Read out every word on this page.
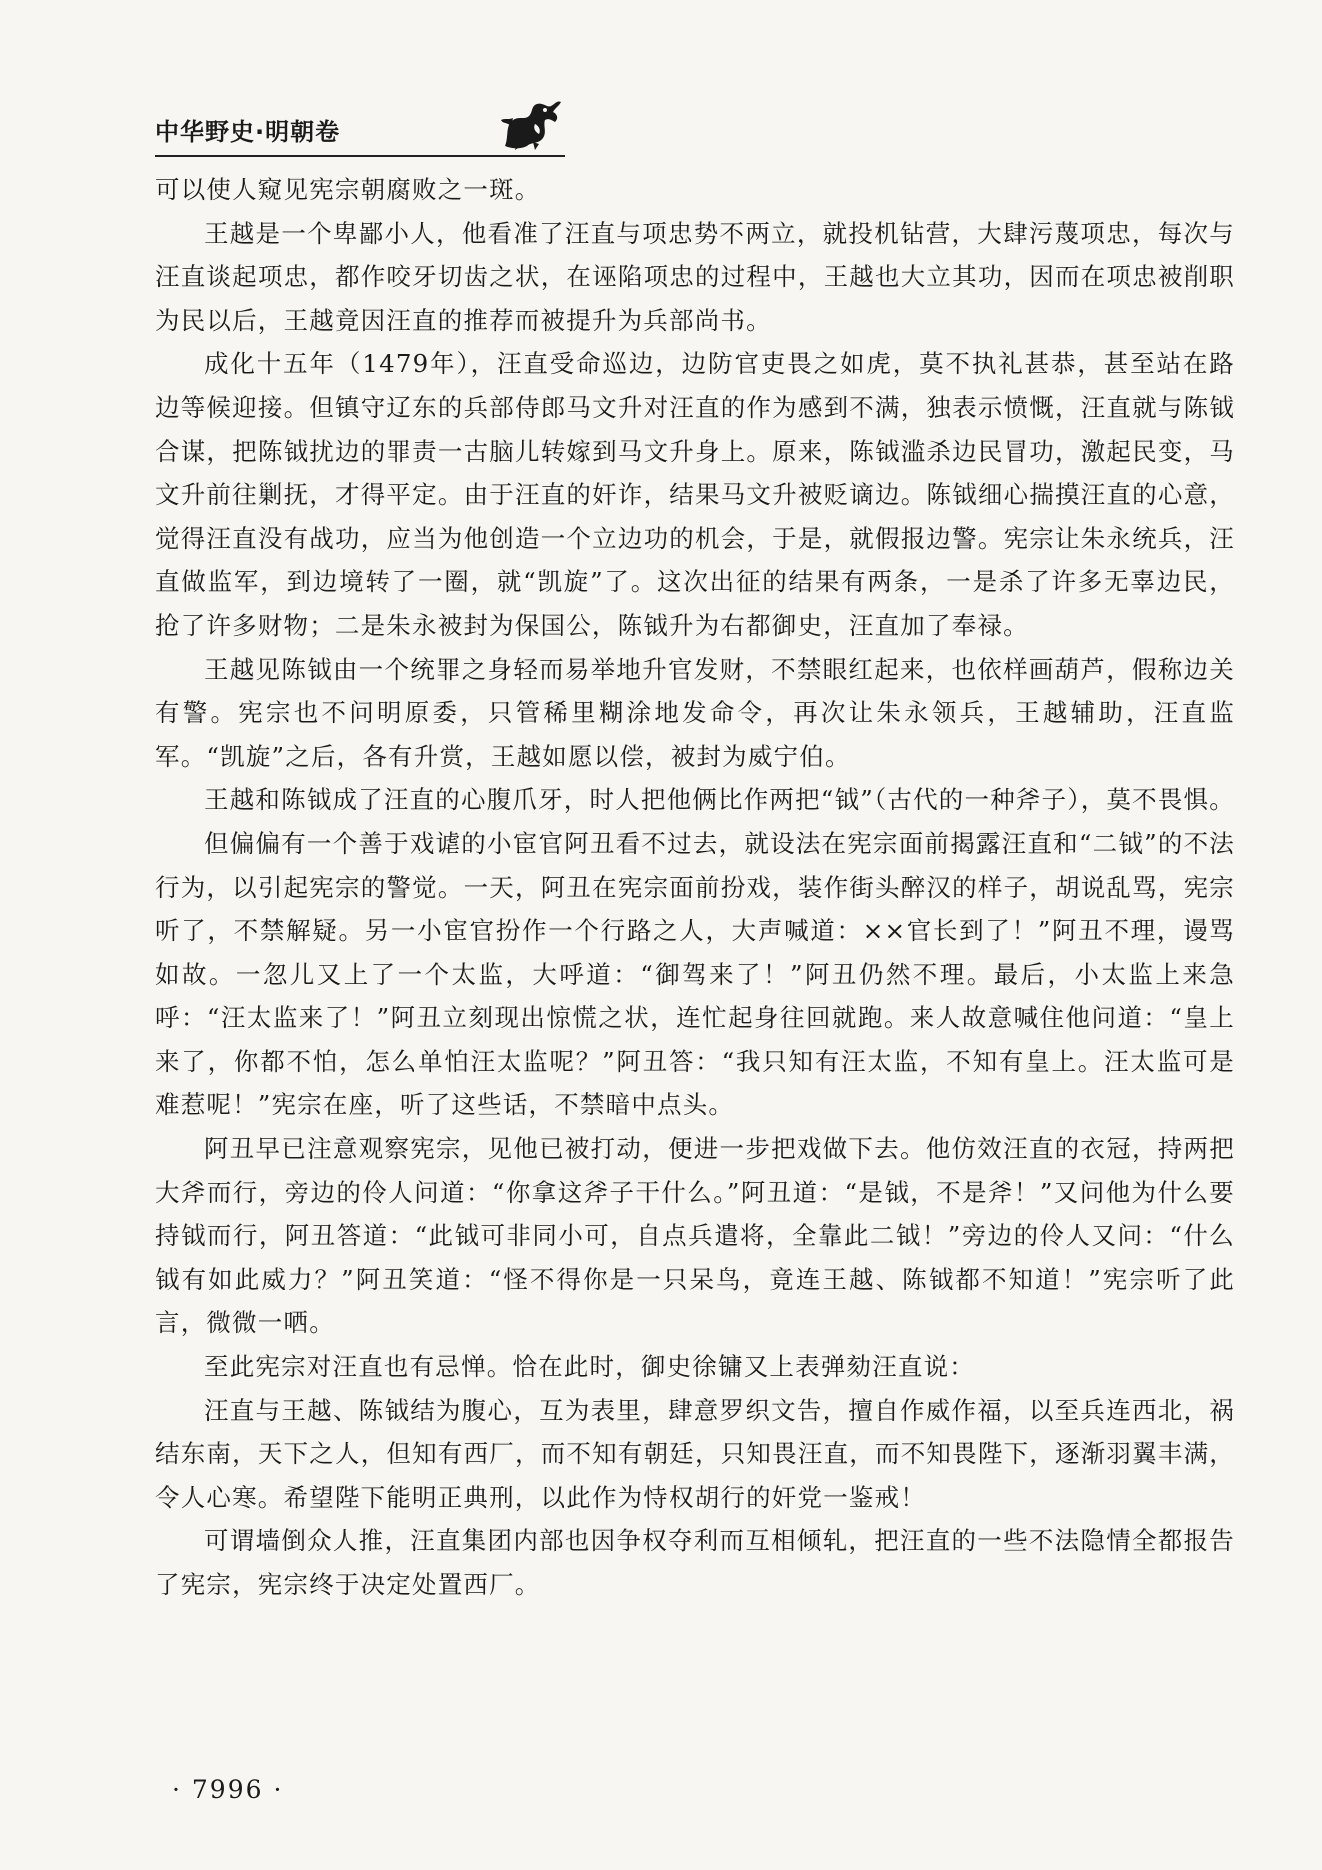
中华野史·明朝卷

可以使人窥见宪宗朝腐败之一斑。

王越是一个卑鄙小人，他看准了汪直与项忠势不两立，就投机钻营，大肆污蔑项忠，每次与汪直谈起项忠，都作咬牙切齿之状，在诬陷项忠的过程中，王越也大立其功，因而在项忠被削职为民以后，王越竟因汪直的推荐而被提升为兵部尚书。

成化十五年（1479年），汪直受命巡边，边防官吏畏之如虎，莫不执礼甚恭，甚至站在路边等候迎接。但镇守辽东的兵部侍郎马文升对汪直的作为感到不满，独表示愤慨，汪直就与陈钺合谋，把陈钺扰边的罪责一古脑儿转嫁到马文升身上。原来，陈钺滥杀边民冒功，激起民变，马文升前往剿抚，才得平定。由于汪直的奸诈，结果马文升被贬谪边。陈钺细心揣摸汪直的心意，觉得汪直没有战功，应当为他创造一个立边功的机会，于是，就假报边警。宪宗让朱永统兵，汪直做监军，到边境转了一圈，就“凯旋”了。这次出征的结果有两条，一是杀了许多无辜边民，抢了许多财物；二是朱永被封为保国公，陈钺升为右都御史，汪直加了奉禄。

王越见陈钺由一个统罪之身轻而易举地升官发财，不禁眼红起来，也依样画葫芦，假称边关有警。宪宗也不问明原委，只管稀里糊涂地发命令，再次让朱永领兵，王越辅助，汪直监军。“凯旋”之后，各有升赏，王越如愿以偿，被封为威宁伯。

王越和陈钺成了汪直的心腹爪牙，时人把他俩比作两把“钺”（古代的一种斧子），莫不畏惧。

但偏偏有一个善于戏谑的小宦官阿丑看不过去，就设法在宪宗面前揭露汪直和“二钺”的不法行为，以引起宪宗的警觉。一天，阿丑在宪宗面前扮戏，装作街头醉汉的样子，胡说乱骂，宪宗听了，不禁解疑。另一小宦官扮作一个行路之人，大声喊道：××官长到了！”阿丑不理，谩骂如故。一忽儿又上了一个太监，大呼道：“御驾来了！”阿丑仍然不理。最后，小太监上来急呼：“汪太监来了！”阿丑立刻现出惊慌之状，连忙起身往回就跑。来人故意喊住他问道：“皇上来了，你都不怕，怎么单怕汪太监呢？”阿丑答：“我只知有汪太监，不知有皇上。汪太监可是难惹呢！”宪宗在座，听了这些话，不禁暗中点头。

阿丑早已注意观察宪宗，见他已被打动，便进一步把戏做下去。他仿效汪直的衣冠，持两把大斧而行，旁边的伶人问道：“你拿这斧子干什么。”阿丑道：“是钺，不是斧！”又问他为什么要持钺而行，阿丑答道：“此钺可非同小可，自点兵遣将，全靠此二钺！”旁边的伶人又问：“什么钺有如此威力？”阿丑笑道：“怪不得你是一只呆鸟，竟连王越、陈钺都不知道！”宪宗听了此言，微微一哂。

至此宪宗对汪直也有忌惮。恰在此时，御史徐镛又上表弹劾汪直说：

汪直与王越、陈钺结为腹心，互为表里，肆意罗织文告，擅自作威作福，以至兵连西北，祸结东南，天下之人，但知有西厂，而不知有朝廷，只知畏汪直，而不知畏陛下，逐渐羽翼丰满，令人心寒。希望陛下能明正典刑，以此作为恃权胡行的奸党一鉴戒！

可谓墙倒众人推，汪直集团内部也因争权夺利而互相倾轧，把汪直的一些不法隐情全都报告了宪宗，宪宗终于决定处置西厂。

· 7996 ·
